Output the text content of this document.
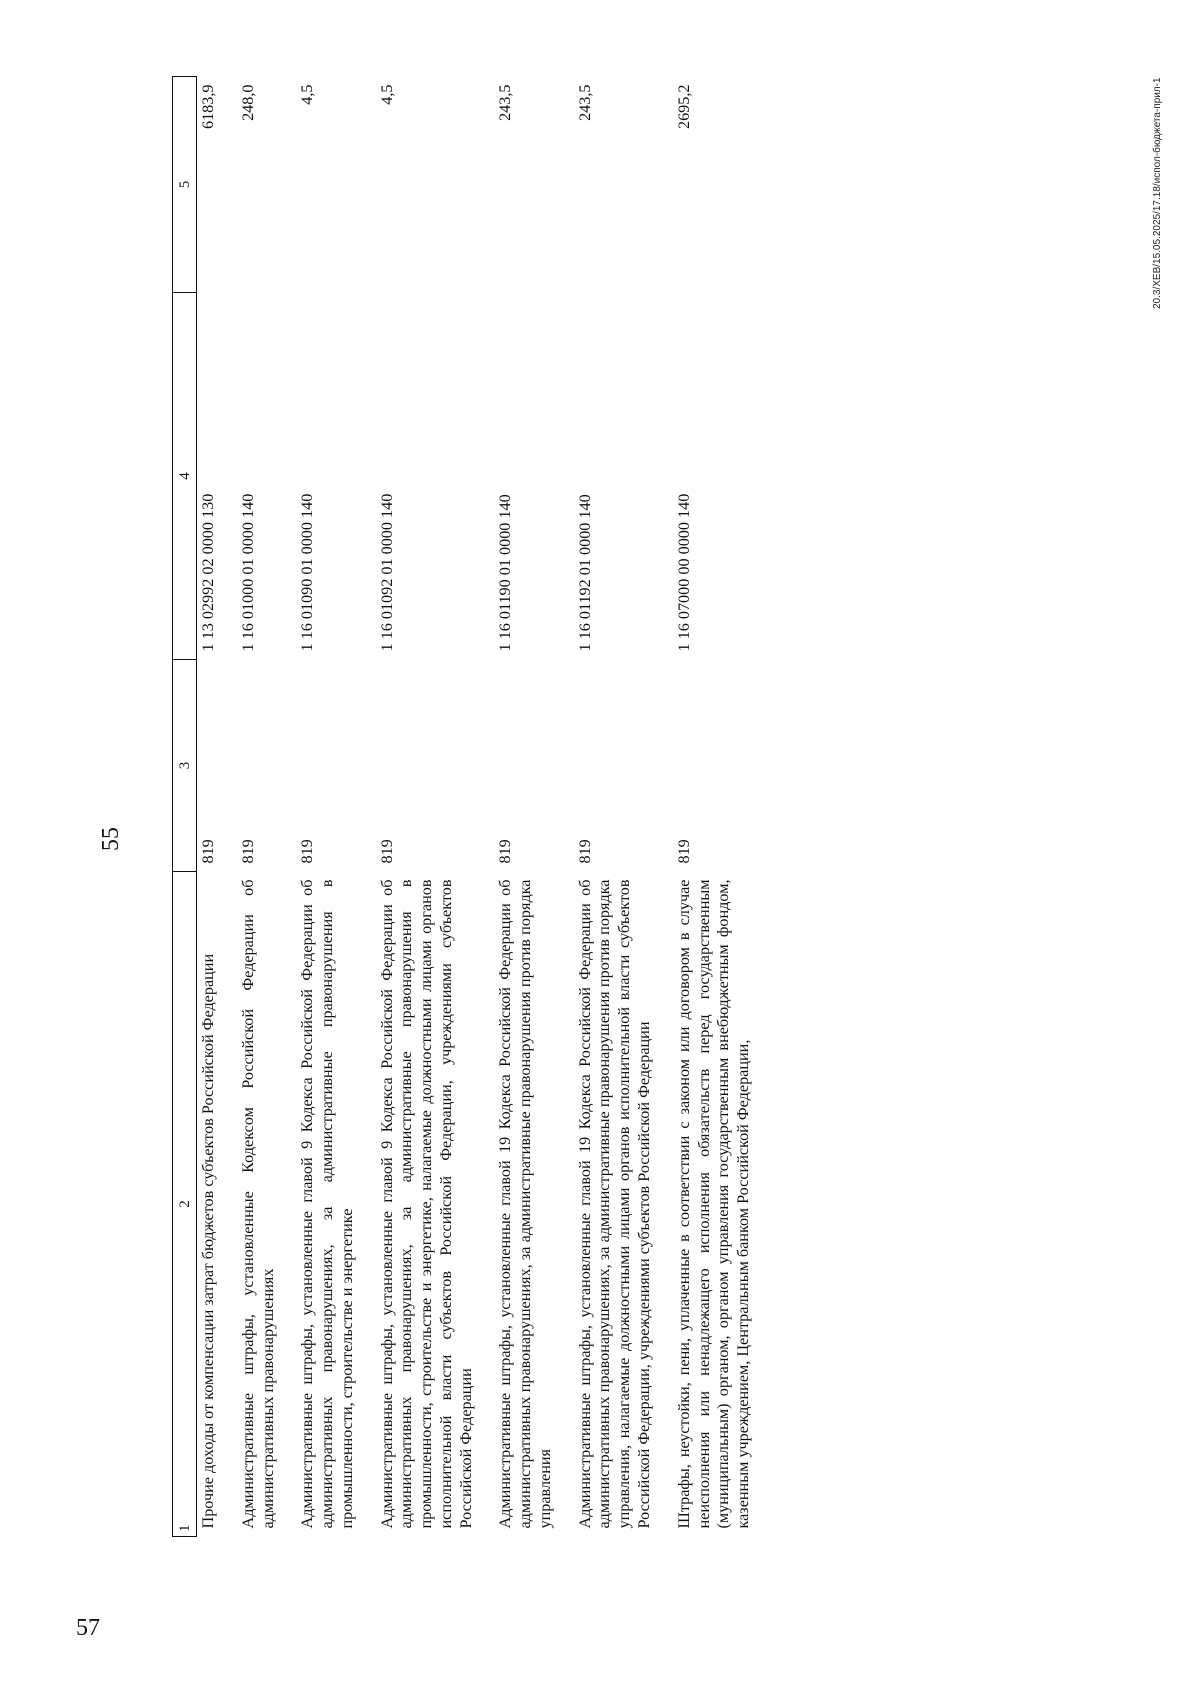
57
55
1	2	3	4	5
	Прочие доходы от компенсации затрат бюджетов субъектов Российской Федерации	819	1 13 02992 02 0000 130	6183,9
	Административные штрафы, установленные Кодексом Российской Федерации об административных правонарушениях	819	1 16 01000 01 0000 140	248,0
	Административные штрафы, установленные главой 9 Кодекса Российской Федерации об административных правонарушениях, за административные правонарушения в промышленности, строительстве и энергетике	819	1 16 01090 01 0000 140	4,5
	Административные штрафы, установленные главой 9 Кодекса Российской Федерации об административных правонарушениях, за административные правонарушения в промышленности, строительстве и энергетике, налагаемые должностными лицами органов исполнительной власти субъектов Российской Федерации, учреждениями субъектов Российской Федерации	819	1 16 01092 01 0000 140	4,5
	Административные штрафы, установленные главой 19 Кодекса Российской Федерации об административных правонарушениях, за административные правонарушения против порядка управления	819	1 16 01190 01 0000 140	243,5
	Административные штрафы, установленные главой 19 Кодекса Российской Федерации об административных правонарушениях, за административные правонарушения против порядка управления, налагаемые должностными лицами органов исполнительной власти субъектов Российской Федерации, учреждениями субъектов Российской Федерации	819	1 16 01192 01 0000 140	243,5
	Штрафы, неустойки, пени, уплаченные в соответствии с законом или договором в случае неисполнения или ненадлежащего исполнения обязательств перед государственным (муниципальным) органом, органом управления государственным внебюджетным фондом, казенным учреждением, Центральным банком Российской Федерации,	819	1 16 07000 00 0000 140	2695,2	20.3/ХЕВ/15.05.2025/17.18/испол-бюджета-прил-1
